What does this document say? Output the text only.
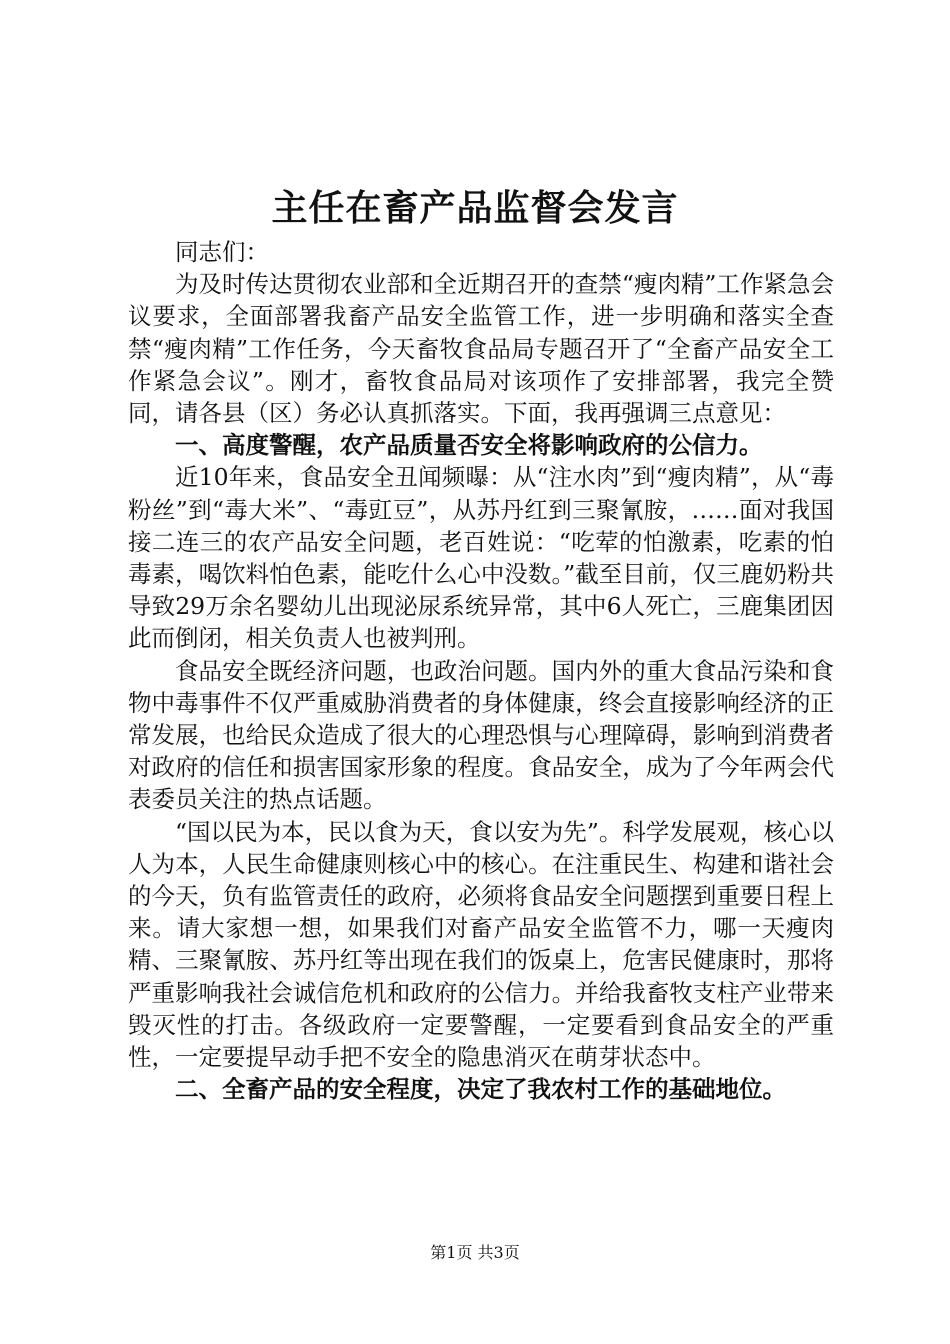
主任在畜产品监督会发言

同志们：

为及时传达贯彻农业部和全近期召开的查禁“瘦肉精”工作紧急会议要求，全面部署我畜产品安全监管工作，进一步明确和落实全查禁“瘦肉精”工作任务，今天畜牧食品局专题召开了“全畜产品安全工作紧急会议”。刚才，畜牧食品局对该项作了安排部署，我完全赞同，请各县（区）务必认真抓落实。下面，我再强调三点意见：

一、高度警醒，农产品质量否安全将影响政府的公信力。

近10年来，食品安全丑闻频曝：从“注水肉”到“瘦肉精”，从“毒粉丝”到“毒大米”、“毒豇豆”，从苏丹红到三聚氰胺，……面对我国接二连三的农产品安全问题，老百姓说：“吃荤的怕激素，吃素的怕毒素，喝饮料怕色素，能吃什么心中没数。”截至目前，仅三鹿奶粉共导致29万余名婴幼儿出现泌尿系统异常，其中6人死亡，三鹿集团因此而倒闭，相关负责人也被判刑。

食品安全既经济问题，也政治问题。国内外的重大食品污染和食物中毒事件不仅严重威胁消费者的身体健康，终会直接影响经济的正常发展，也给民众造成了很大的心理恐惧与心理障碍，影响到消费者对政府的信任和损害国家形象的程度。食品安全，成为了今年两会代表委员关注的热点话题。

“国以民为本，民以食为天，食以安为先”。科学发展观，核心以人为本，人民生命健康则核心中的核心。在注重民生、构建和谐社会的今天，负有监管责任的政府，必须将食品安全问题摆到重要日程上来。请大家想一想，如果我们对畜产品安全监管不力，哪一天瘦肉精、三聚氰胺、苏丹红等出现在我们的饭桌上，危害民健康时，那将严重影响我社会诚信危机和政府的公信力。并给我畜牧支柱产业带来毁灭性的打击。各级政府一定要警醒，一定要看到食品安全的严重性，一定要提早动手把不安全的隐患消灭在萌芽状态中。

二、全畜产品的安全程度，决定了我农村工作的基础地位。

第1页 共3页
